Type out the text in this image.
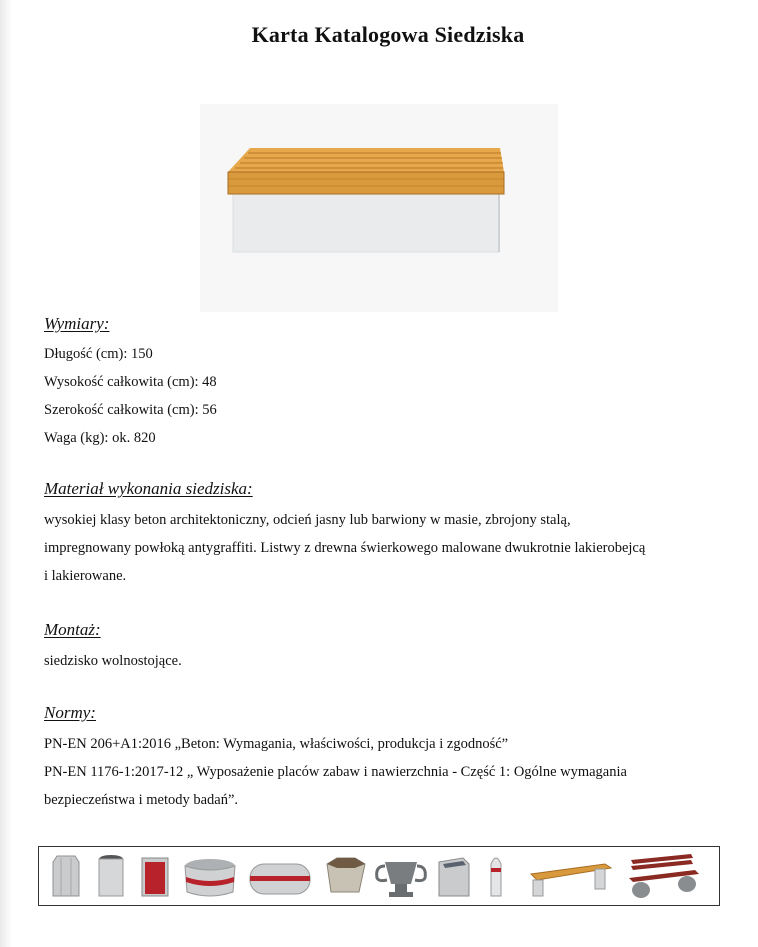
Karta Katalogowa Siedziska
Wymiary:
Długość (cm): 150
Wysokość całkowita (cm): 48
Szerokość całkowita (cm): 56
Waga (kg): ok. 820
Materiał wykonania siedziska:
wysokiej klasy beton architektoniczny, odcień jasny lub barwiony w masie, zbrojony stalą,
impregnowany powłoką antygraffiti. Listwy z drewna świerkowego malowane dwukrotnie lakierobejcą
i lakierowane.
Montaż:
siedzisko wolnostojące.
Normy:
PN-EN 206+A1:2016 „Beton: Wymagania, właściwości, produkcja i zgodność”
PN-EN 1176-1:2017-12 „ Wyposażenie placów zabaw i nawierzchnia - Część 1: Ogólne wymagania
bezpieczeństwa i metody badań”.
